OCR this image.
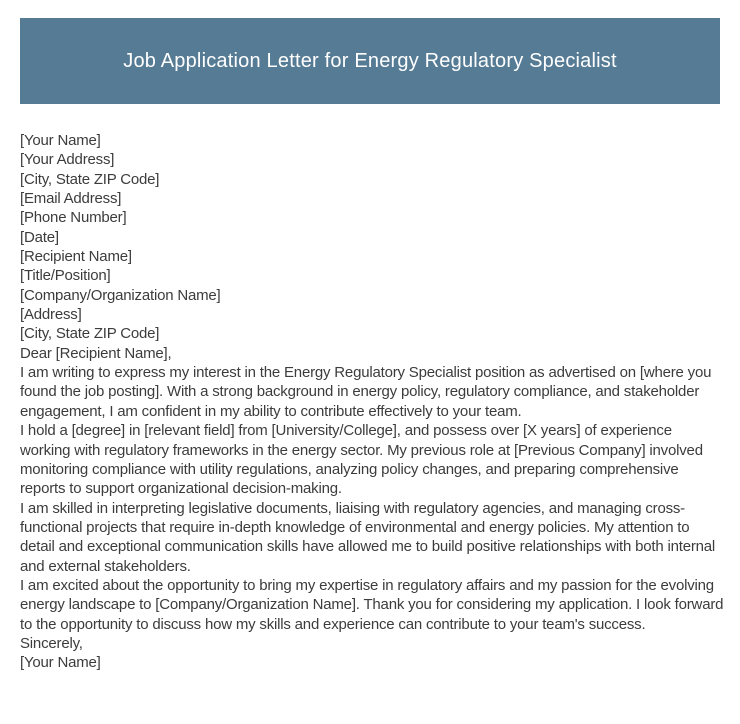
Job Application Letter for Energy Regulatory Specialist

[Your Name]

[Your Address]

[City, State ZIP Code]

[Email Address]

[Phone Number]

[Date]

[Recipient Name]

[Title/Position]

[Company/Organization Name]

[Address]

[City, State ZIP Code]

Dear [Recipient Name],

I am writing to express my interest in the Energy Regulatory Specialist position as advertised on [where you found the job posting]. With a strong background in energy policy, regulatory compliance, and stakeholder engagement, I am confident in my ability to contribute effectively to your team.

I hold a [degree] in [relevant field] from [University/College], and possess over [X years] of experience working with regulatory frameworks in the energy sector. My previous role at [Previous Company] involved monitoring compliance with utility regulations, analyzing policy changes, and preparing comprehensive reports to support organizational decision-making.

I am skilled in interpreting legislative documents, liaising with regulatory agencies, and managing cross-functional projects that require in-depth knowledge of environmental and energy policies. My attention to detail and exceptional communication skills have allowed me to build positive relationships with both internal and external stakeholders.

I am excited about the opportunity to bring my expertise in regulatory affairs and my passion for the evolving energy landscape to [Company/Organization Name]. Thank you for considering my application. I look forward to the opportunity to discuss how my skills and experience can contribute to your team's success.

Sincerely,

[Your Name]
